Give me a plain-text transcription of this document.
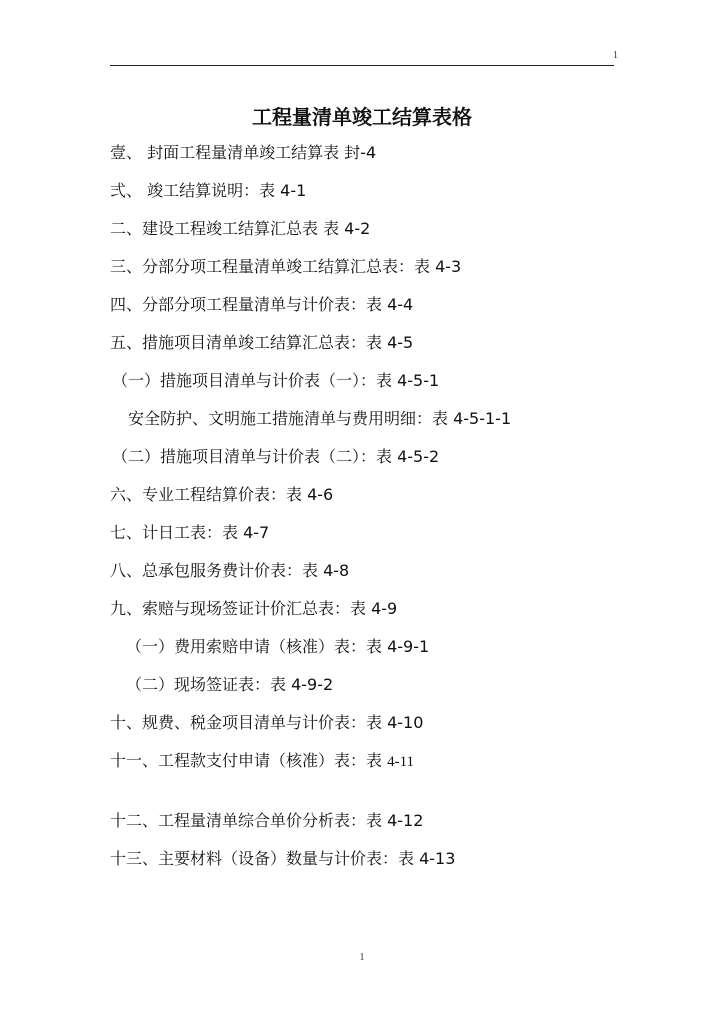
1
工程量清单竣工结算表格
壹、 封面工程量清单竣工结算表 封-4
弍、 竣工结算说明：表 4-1
二、建设工程竣工结算汇总表 表 4-2
三、分部分项工程量清单竣工结算汇总表：表 4-3
四、分部分项工程量清单与计价表：表 4-4
五、措施项目清单竣工结算汇总表：表 4-5
（一）措施项目清单与计价表（一）：表 4-5-1
安全防护、文明施工措施清单与费用明细：表 4-5-1-1
（二）措施项目清单与计价表（二）：表 4-5-2
六、专业工程结算价表：表 4-6
七、计日工表：表 4-7
八、总承包服务费计价表：表 4-8
九、索赔与现场签证计价汇总表：表 4-9
（一）费用索赔申请（核准）表：表 4-9-1
（二）现场签证表：表 4-9-2
十、规费、税金项目清单与计价表：表 4-10
十一、工程款支付申请（核准）表：表 4-11
十二、工程量清单综合单价分析表：表 4-12
十三、主要材料（设备）数量与计价表：表 4-13
1
